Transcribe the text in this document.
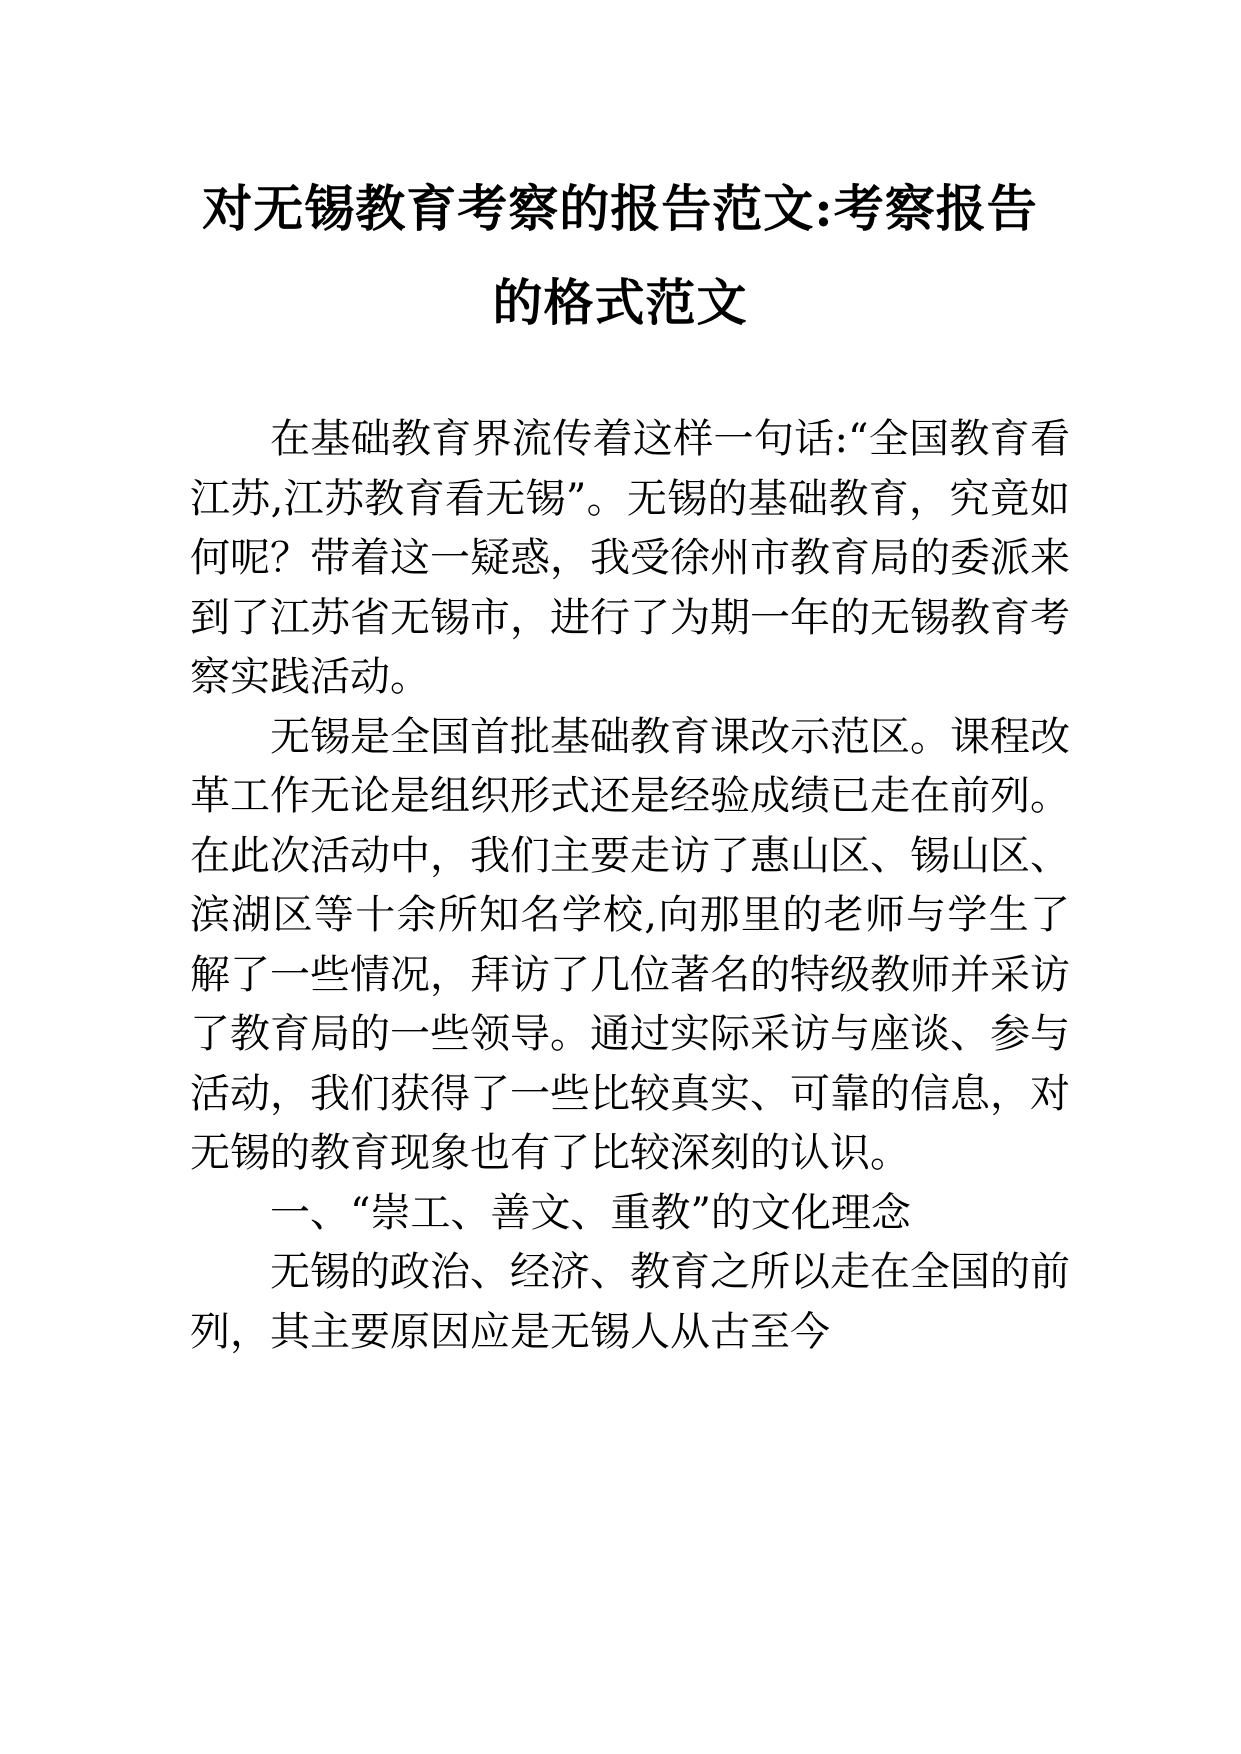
对无锡教育考察的报告范文:考察报告的格式范文

在基础教育界流传着这样一句话:“全国教育看江苏,江苏教育看无锡”。无锡的基础教育，究竟如何呢？带着这一疑惑，我受徐州市教育局的委派来到了江苏省无锡市，进行了为期一年的无锡教育考察实践活动。

无锡是全国首批基础教育课改示范区。课程改革工作无论是组织形式还是经验成绩已走在前列。在此次活动中，我们主要走访了惠山区、锡山区、滨湖区等十余所知名学校,向那里的老师与学生了解了一些情况，拜访了几位著名的特级教师并采访了教育局的一些领导。通过实际采访与座谈、参与活动，我们获得了一些比较真实、可靠的信息，对无锡的教育现象也有了比较深刻的认识。

一、“崇工、善文、重教”的文化理念

无锡的政治、经济、教育之所以走在全国的前列，其主要原因应是无锡人从古至今
